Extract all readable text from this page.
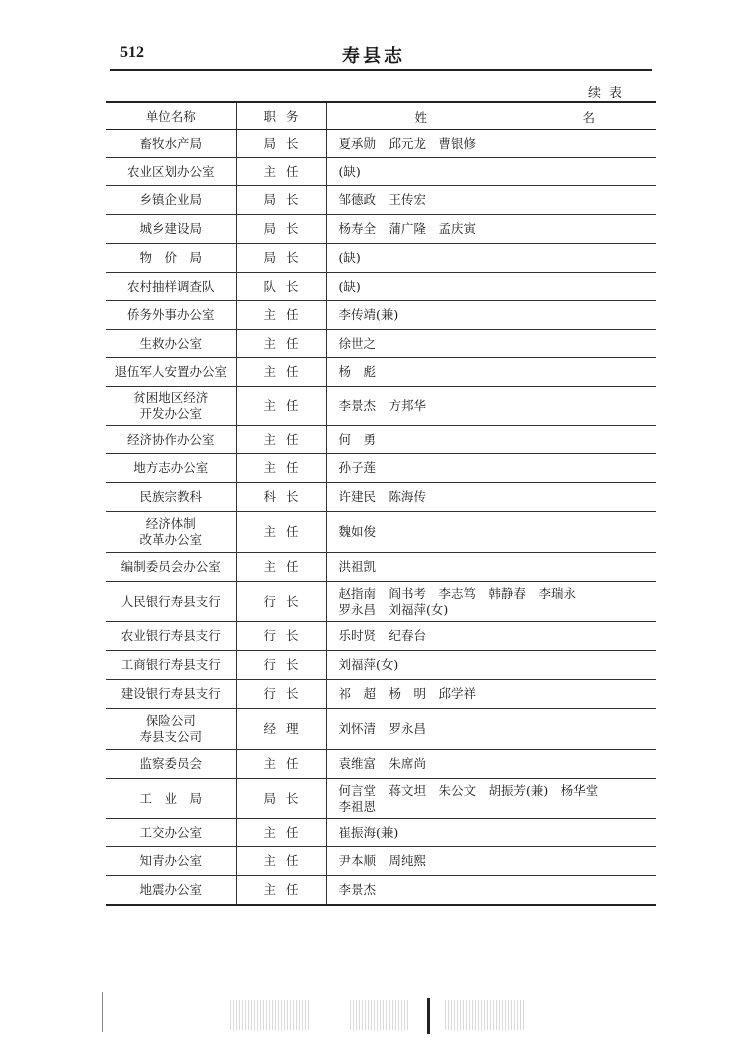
512	寿县志
续表
单位名称	职务	姓 名

畜牧水产局	局长	夏承勋　邱元龙　曹银修

农业区划办公室	主任	(缺)

乡镇企业局	局长	邹德政　王传宏

城乡建设局	局长	杨寿全　蒲广隆　孟庆寅

物　价　局	局长	(缺)

农村抽样调查队	队长	(缺)

侨务外事办公室	主任	李传靖(兼)

生救办公室	主任	徐世之

退伍军人安置办公室	主任	杨　彪

贫困地区经济
开发办公室	主任	李景杰　方邦华

经济协作办公室	主任	何　勇

地方志办公室	主任	孙子莲

民族宗教科	科长	许建民　陈海传

经济体制
改革办公室	主任	魏如俊

编制委员会办公室	主任	洪祖凯

人民银行寿县支行	行长	赵指南　阎书考　李志笃　韩静春　李瑞永
罗永昌　刘福萍(女)

农业银行寿县支行	行长	乐时贤　纪春台

工商银行寿县支行	行长	刘福萍(女)

建设银行寿县支行	行长	祁　超　杨　明　邱学祥

保险公司
寿县支公司	经理	刘怀清　罗永昌

监察委员会	主任	袁维富　朱席尚

工　业　局	局长	何言堂　蒋文坦　朱公文　胡振芳(兼)　杨华堂
李祖恩

工交办公室	主任	崔振海(兼)

知青办公室	主任	尹本顺　周纯熙

地震办公室	主任	李景杰
